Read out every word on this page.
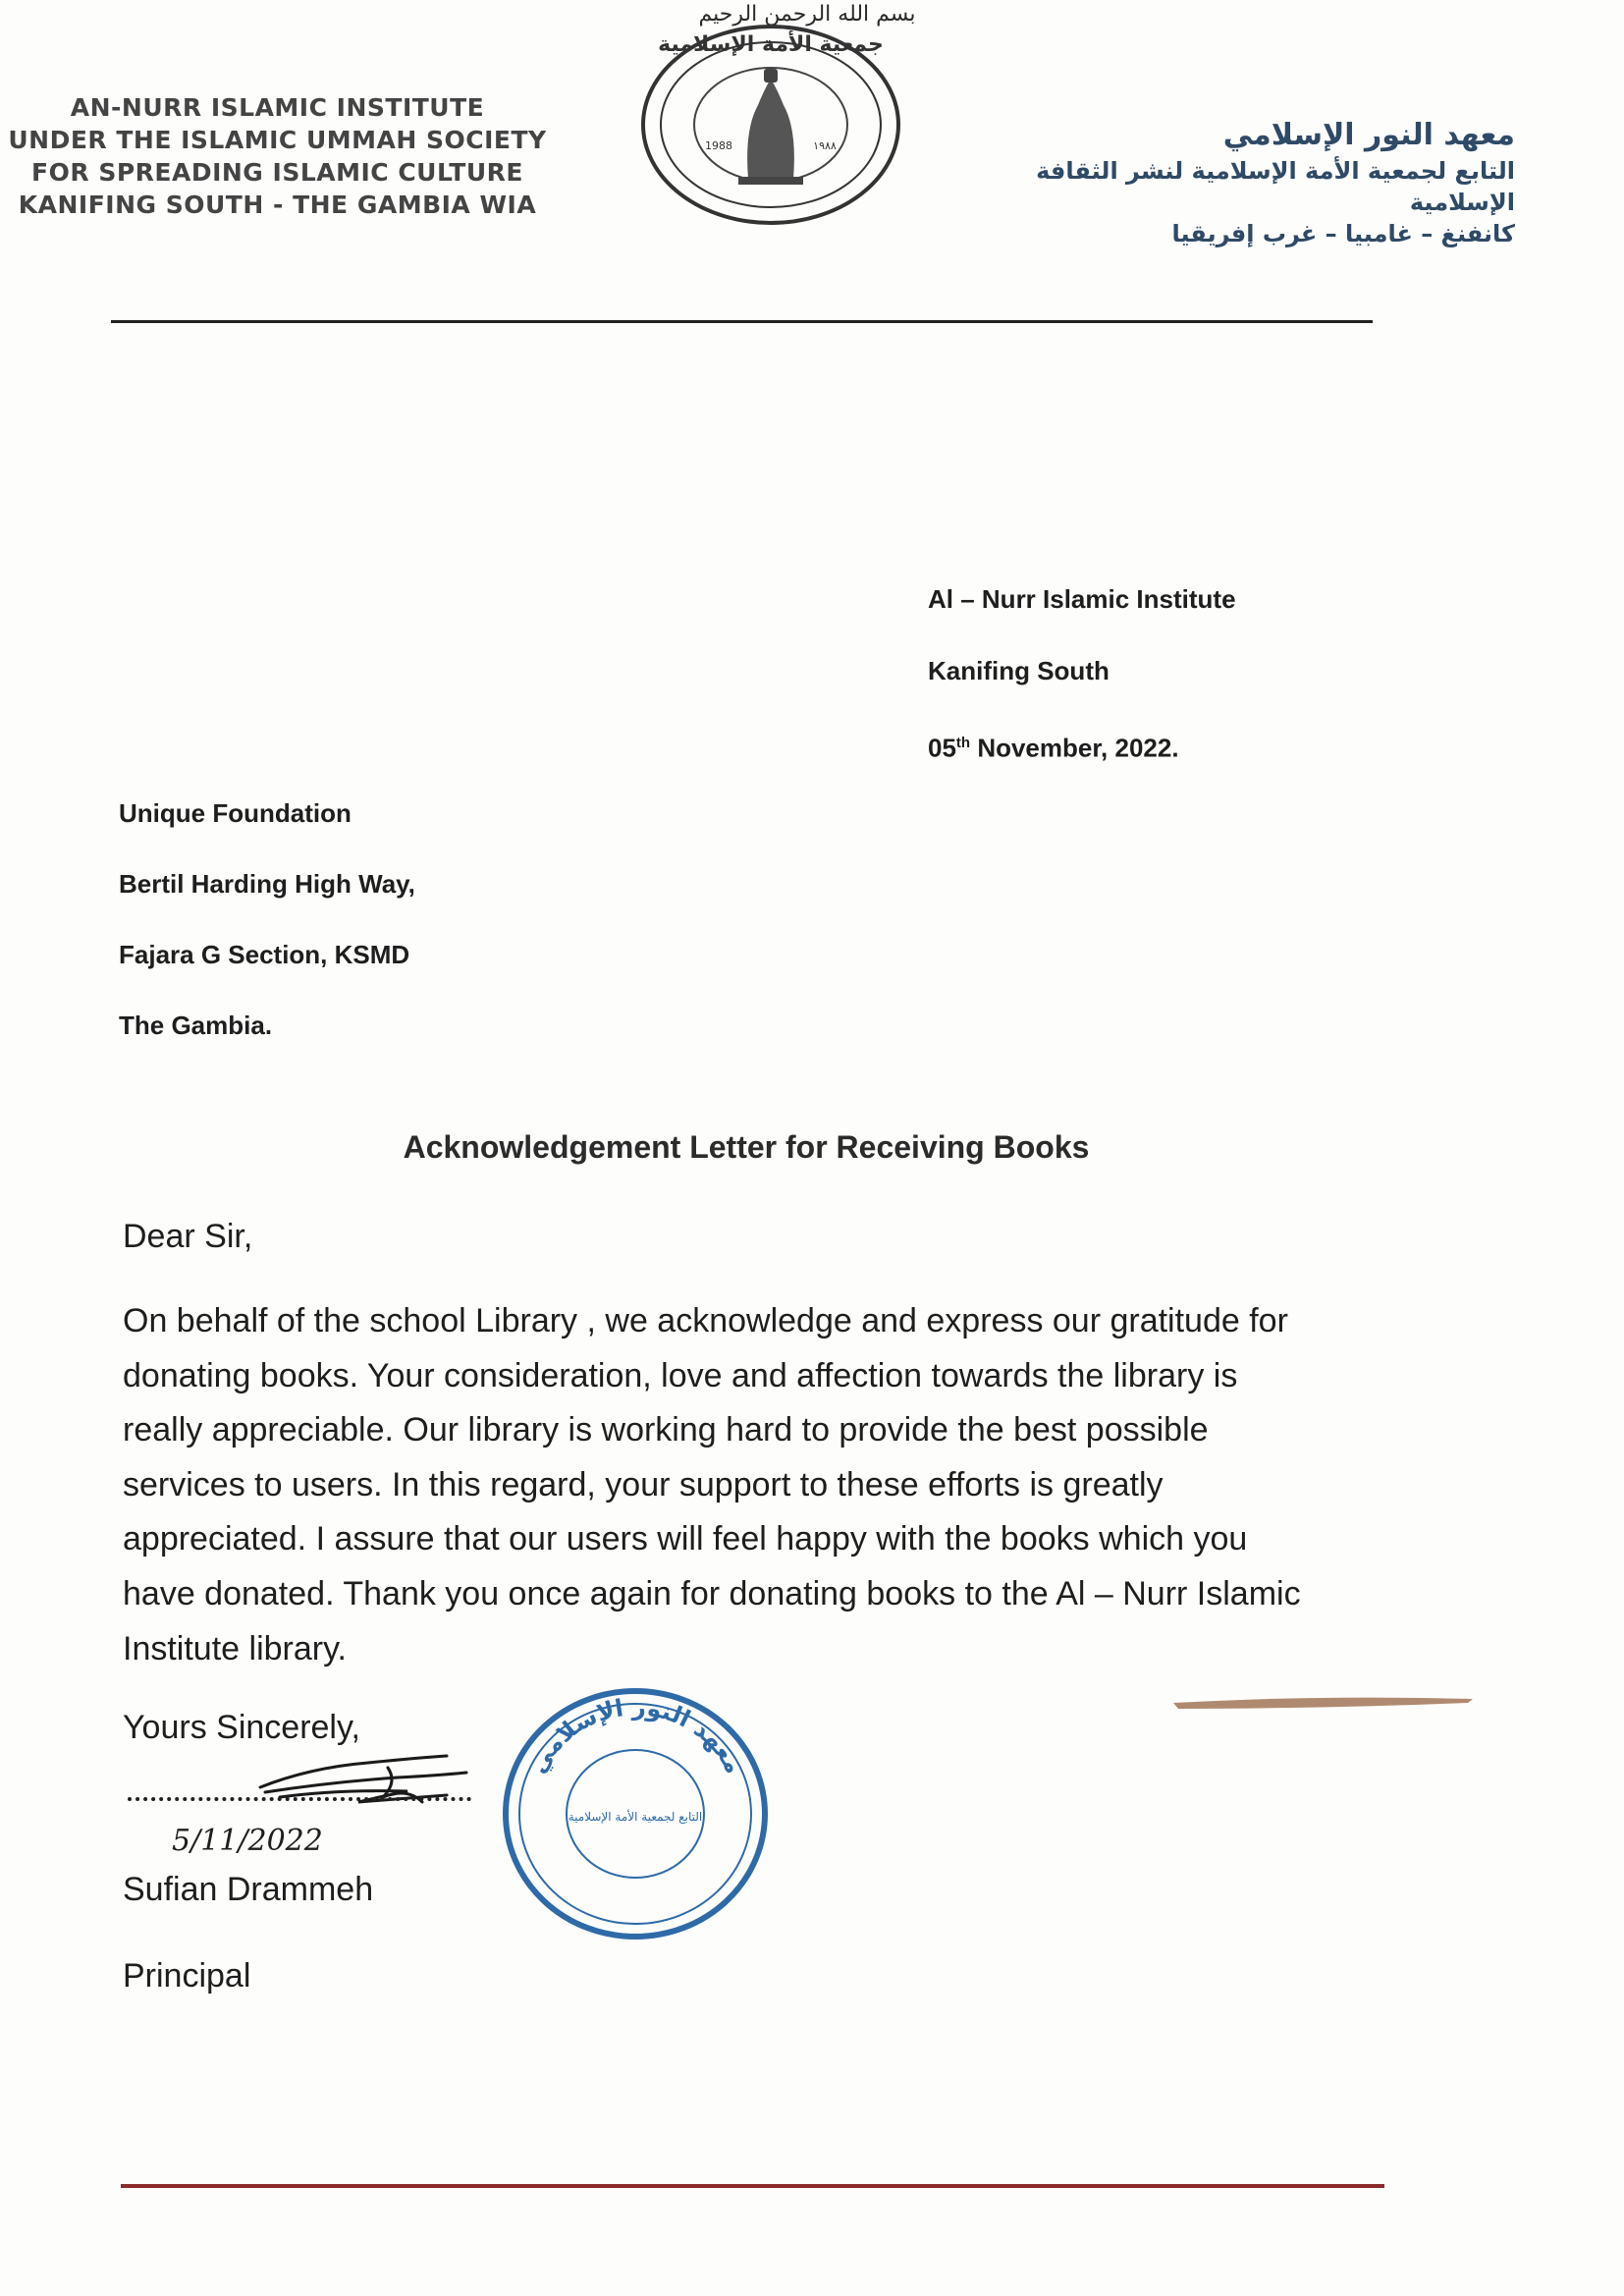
بسم الله الرحمن الرحيم
AN-NURR ISLAMIC INSTITUTE
UNDER THE ISLAMIC UMMAH SOCIETY
FOR SPREADING ISLAMIC CULTURE
KANIFING SOUTH - THE GAMBIA WIA
جمعية الأمة الإسلامية
1988	١٩٨٨	معهد النور الإسلامي
التابع لجمعية الأمة الإسلامية لنشر الثقافة الإسلامية
كانفنغ – غامبيا – غرب إفريقيا
Al – Nurr Islamic Institute
Kanifing South
05th November, 2022.
Unique Foundation
Bertil Harding High Way,
Fajara G Section, KSMD
The Gambia.
Acknowledgement Letter for Receiving Books
Dear Sir,
On behalf of the school Library , we acknowledge and express our gratitude for
donating books. Your consideration, love and affection towards the library is
really appreciable. Our library is working hard to provide the best possible
services to users. In this regard, your support to these efforts is greatly
appreciated. I assure that our users will feel happy with the books which you
have donated. Thank you once again for donating books to the Al – Nurr Islamic
Institute library.
Yours Sincerely,
5/11/2022
Sufian Drammeh
Principal
معهد النور الإسلامي
التابع لجمعية الأمة الإسلامية
